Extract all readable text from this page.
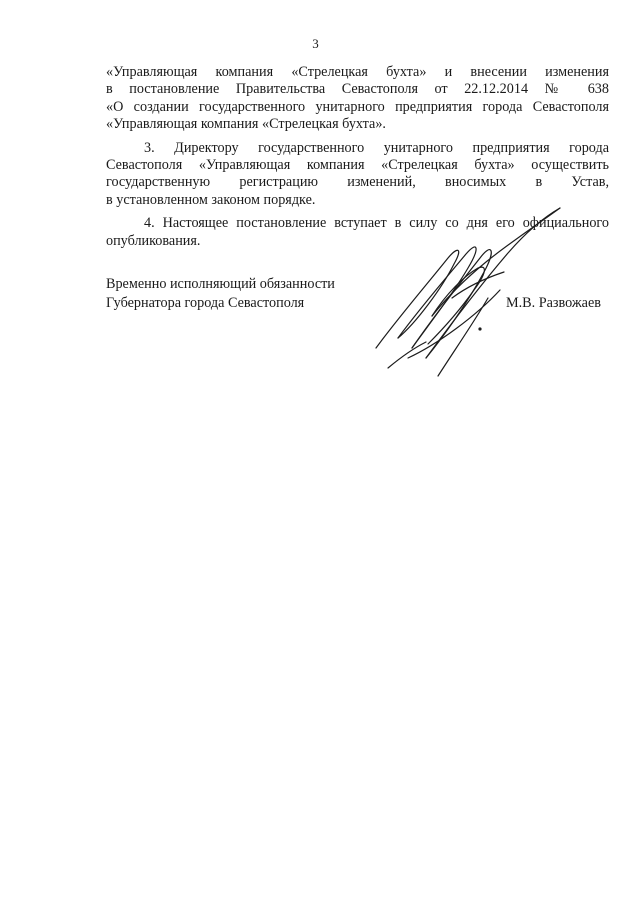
3

«Управляющая компания «Стрелецкая бухта» и внесении изменения

в постановление Правительства Севастополя от 22.12.2014 № 638

«О создании государственного унитарного предприятия города Севастополя

«Управляющая компания «Стрелецкая бухта».

3. Директору государственного унитарного предприятия города

Севастополя «Управляющая компания «Стрелецкая бухта» осуществить

государственную регистрацию изменений, вносимых в Устав,

в установленном законом порядке.

4. Настоящее постановление вступает в силу со дня его официального

опубликования.

Временно исполняющий обязанности
Губернатора города Севастополя	М.В. Развожаев
